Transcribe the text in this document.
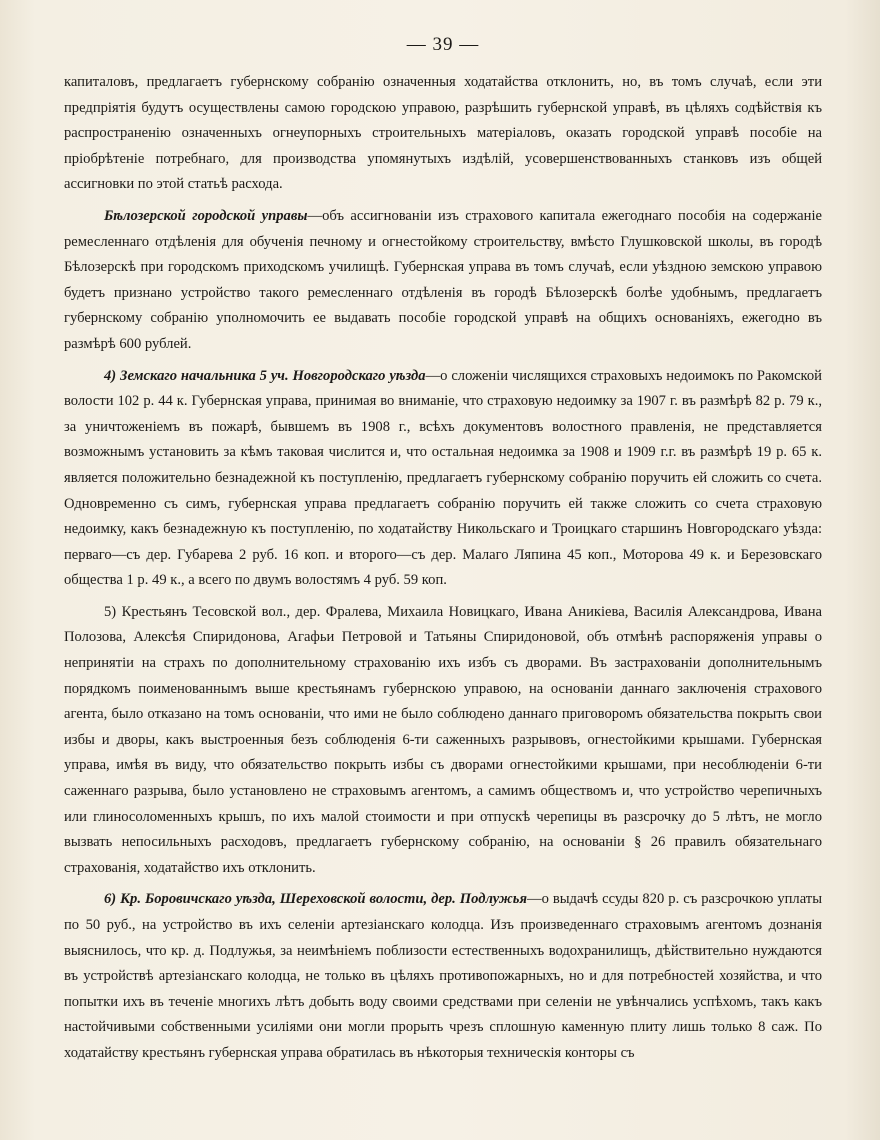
— 39 —

капиталовъ, предлагаетъ губернскому собранію означенныя ходатайства отклонить, но, въ томъ случаѣ, если эти предпріятія будутъ осуществлены самою городскою управою, разрѣшить губернской управѣ, въ цѣляхъ содѣйствія къ распространенію означенныхъ огнеупорныхъ строительныхъ матеріаловъ, оказать городской управѣ пособіе на пріобрѣтеніе потребнаго, для производства упомянутыхъ издѣлій, усовершенствованныхъ станковъ изъ общей ассигновки по этой статьѣ расхода.

Бѣлозерской городской управы—объ ассигнованіи изъ страхового капитала ежегоднаго пособія на содержаніе ремесленнаго отдѣленія для обученія печному и огнестойкому строительству, вмѣсто Глушковской школы, въ городѣ Бѣлозерскѣ при городскомъ приходскомъ училищѣ. Губернская управа въ томъ случаѣ, если уѣздною земскою управою будетъ признано устройство такого ремесленнаго отдѣленія въ городѣ Бѣлозерскѣ болѣе удобнымъ, предлагаетъ губернскому собранію уполномочить ее выдавать пособіе городской управѣ на общихъ основаніяхъ, ежегодно въ размѣрѣ 600 рублей.

4) Земскаго начальника 5 уч. Новгородскаго уѣзда—о сложеніи числящихся страховыхъ недоимокъ по Ракомской волости 102 р. 44 к. Губернская управа, принимая во вниманіе, что страховую недоимку за 1907 г. въ размѣрѣ 82 р. 79 к., за уничтоженіемъ въ пожарѣ, бывшемъ въ 1908 г., всѣхъ документовъ волостного правленія, не представляется возможнымъ установить за кѣмъ таковая числится и, что остальная недоимка за 1908 и 1909 г.г. въ размѣрѣ 19 р. 65 к. является положительно безнадежной къ поступленію, предлагаетъ губернскому собранію поручить ей сложить со счета. Одновременно съ симъ, губернская управа предлагаетъ собранію поручить ей также сложить со счета страховую недоимку, какъ безнадежную къ поступленію, по ходатайству Никольскаго и Троицкаго старшинъ Новгородскаго уѣзда: перваго—съ дер. Губарева 2 руб. 16 коп. и второго—съ дер. Малаго Ляпина 45 коп., Моторова 49 к. и Березовскаго общества 1 р. 49 к., а всего по двумъ волостямъ 4 руб. 59 коп.

5) Крестьянъ Тесовской вол., дер. Фралева, Михаила Новицкаго, Ивана Аникіева, Василія Александрова, Ивана Полозова, Алексѣя Спиридонова, Агафьи Петровой и Татьяны Спиридоновой, объ отмѣнѣ распоряженія управы о непринятіи на страхъ по дополнительному страхованію ихъ избъ съ дворами. Въ застрахованіи дополнительнымъ порядкомъ поименованнымъ выше крестьянамъ губернскою управою, на основаніи даннаго заключенія страхового агента, было отказано на томъ основаніи, что ими не было соблюдено даннаго приговоромъ обязательства покрыть свои избы и дворы, какъ выстроенныя безъ соблюденія 6-ти саженныхъ разрывовъ, огнестойкими крышами. Губернская управа, имѣя въ виду, что обязательство покрыть избы съ дворами огнестойкими крышами, при несоблюденіи 6-ти саженнаго разрыва, было установлено не страховымъ агентомъ, а самимъ обществомъ и, что устройство черепичныхъ или глиносоломенныхъ крышъ, по ихъ малой стоимости и при отпускѣ черепицы въ разсрочку до 5 лѣтъ, не могло вызвать непосильныхъ расходовъ, предлагаетъ губернскому собранію, на основаніи § 26 правилъ обязательнаго страхованія, ходатайство ихъ отклонить.

6) Кр. Боровичскаго уѣзда, Шереховской волости, дер. Подлужья—о выдачѣ ссуды 820 р. съ разсрочкою уплаты по 50 руб., на устройство въ ихъ селеніи артезіанскаго колодца. Изъ произведеннаго страховымъ агентомъ дознанія выяснилось, что кр. д. Подлужья, за неимѣніемъ поблизости естественныхъ водохранилищъ, дѣйствительно нуждаются въ устройствѣ артезіанскаго колодца, не только въ цѣляхъ противопожарныхъ, но и для потребностей хозяйства, и что попытки ихъ въ теченіе многихъ лѣтъ добыть воду своими средствами при селеніи не увѣнчались успѣхомъ, такъ какъ настойчивыми собственными усиліями они могли прорыть чрезъ сплошную каменную плиту лишь только 8 саж. По ходатайству крестьянъ губернская управа обратилась въ нѣкоторыя техническія конторы съ
